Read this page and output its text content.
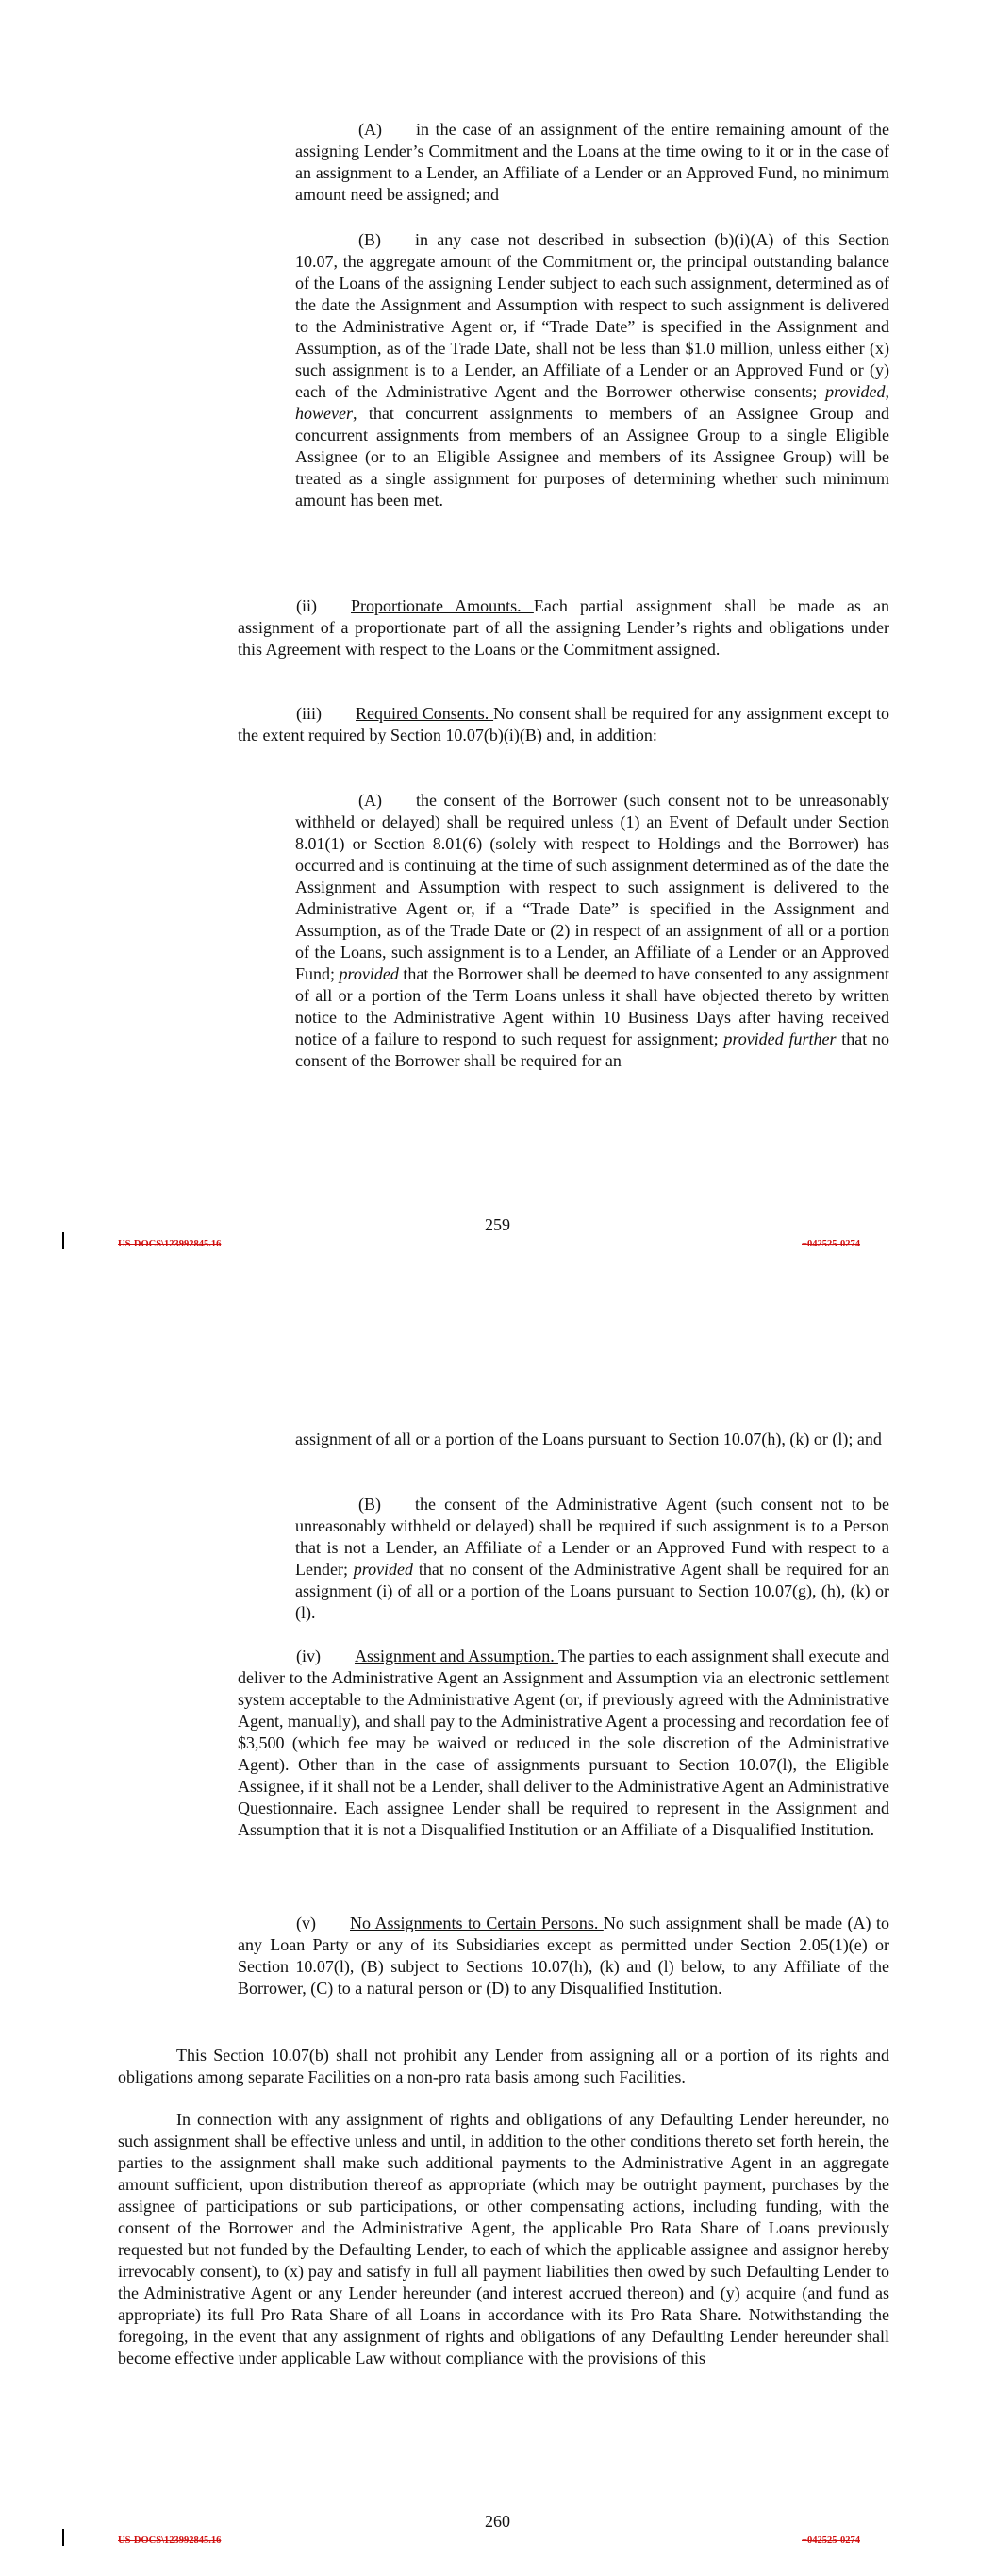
(A) in the case of an assignment of the entire remaining amount of the assigning Lender’s Commitment and the Loans at the time owing to it or in the case of an assignment to a Lender, an Affiliate of a Lender or an Approved Fund, no minimum amount need be assigned; and

(B) in any case not described in subsection (b)(i)(A) of this Section 10.07, the aggregate amount of the Commitment or, the principal outstanding balance of the Loans of the assigning Lender subject to each such assignment, determined as of the date the Assignment and Assumption with respect to such assignment is delivered to the Administrative Agent or, if “Trade Date” is specified in the Assignment and Assumption, as of the Trade Date, shall not be less than $1.0 million, unless either (x) such assignment is to a Lender, an Affiliate of a Lender or an Approved Fund or (y) each of the Administrative Agent and the Borrower otherwise consents; provided, however, that concurrent assignments to members of an Assignee Group and concurrent assignments from members of an Assignee Group to a single Eligible Assignee (or to an Eligible Assignee and members of its Assignee Group) will be treated as a single assignment for purposes of determining whether such minimum amount has been met.

(ii) Proportionate Amounts. Each partial assignment shall be made as an assignment of a proportionate part of all the assigning Lender’s rights and obligations under this Agreement with respect to the Loans or the Commitment assigned.

(iii) Required Consents. No consent shall be required for any assignment except to the extent required by Section 10.07(b)(i)(B) and, in addition:

(A) the consent of the Borrower (such consent not to be unreasonably withheld or delayed) shall be required unless (1) an Event of Default under Section 8.01(1) or Section 8.01(6) (solely with respect to Holdings and the Borrower) has occurred and is continuing at the time of such assignment determined as of the date the Assignment and Assumption with respect to such assignment is delivered to the Administrative Agent or, if a “Trade Date” is specified in the Assignment and Assumption, as of the Trade Date or (2) in respect of an assignment of all or a portion of the Loans, such assignment is to a Lender, an Affiliate of a Lender or an Approved Fund; provided that the Borrower shall be deemed to have consented to any assignment of all or a portion of the Term Loans unless it shall have objected thereto by written notice to the Administrative Agent within 10 Business Days after having received notice of a failure to respond to such request for assignment; provided further that no consent of the Borrower shall be required for an

259
US-DOCS\123992845.16	−042525-0274

assignment of all or a portion of the Loans pursuant to Section 10.07(h), (k) or (l); and

(B) the consent of the Administrative Agent (such consent not to be unreasonably withheld or delayed) shall be required if such assignment is to a Person that is not a Lender, an Affiliate of a Lender or an Approved Fund with respect to a Lender; provided that no consent of the Administrative Agent shall be required for an assignment (i) of all or a portion of the Loans pursuant to Section 10.07(g), (h), (k) or (l).

(iv) Assignment and Assumption. The parties to each assignment shall execute and deliver to the Administrative Agent an Assignment and Assumption via an electronic settlement system acceptable to the Administrative Agent (or, if previously agreed with the Administrative Agent, manually), and shall pay to the Administrative Agent a processing and recordation fee of $3,500 (which fee may be waived or reduced in the sole discretion of the Administrative Agent). Other than in the case of assignments pursuant to Section 10.07(l), the Eligible Assignee, if it shall not be a Lender, shall deliver to the Administrative Agent an Administrative Questionnaire. Each assignee Lender shall be required to represent in the Assignment and Assumption that it is not a Disqualified Institution or an Affiliate of a Disqualified Institution.

(v) No Assignments to Certain Persons. No such assignment shall be made (A) to any Loan Party or any of its Subsidiaries except as permitted under Section 2.05(1)(e) or Section 10.07(l), (B) subject to Sections 10.07(h), (k) and (l) below, to any Affiliate of the Borrower, (C) to a natural person or (D) to any Disqualified Institution.

This Section 10.07(b) shall not prohibit any Lender from assigning all or a portion of its rights and obligations among separate Facilities on a non-pro rata basis among such Facilities.

In connection with any assignment of rights and obligations of any Defaulting Lender hereunder, no such assignment shall be effective unless and until, in addition to the other conditions thereto set forth herein, the parties to the assignment shall make such additional payments to the Administrative Agent in an aggregate amount sufficient, upon distribution thereof as appropriate (which may be outright payment, purchases by the assignee of participations or sub participations, or other compensating actions, including funding, with the consent of the Borrower and the Administrative Agent, the applicable Pro Rata Share of Loans previously requested but not funded by the Defaulting Lender, to each of which the applicable assignee and assignor hereby irrevocably consent), to (x) pay and satisfy in full all payment liabilities then owed by such Defaulting Lender to the Administrative Agent or any Lender hereunder (and interest accrued thereon) and (y) acquire (and fund as appropriate) its full Pro Rata Share of all Loans in accordance with its Pro Rata Share. Notwithstanding the foregoing, in the event that any assignment of rights and obligations of any Defaulting Lender hereunder shall become effective under applicable Law without compliance with the provisions of this

260
US-DOCS\123992845.16	−042525-0274
